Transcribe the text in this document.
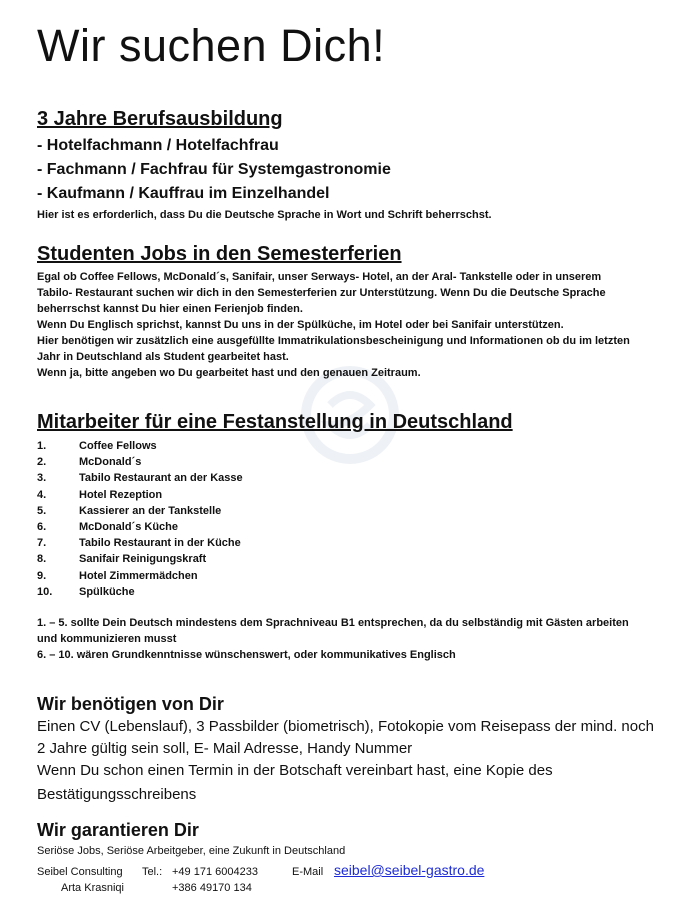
Wir suchen Dich!
3 Jahre Berufsausbildung

- Hotelfachmann / Hotelfachfrau

- Fachmann / Fachfrau für Systemgastronomie

- Kaufmann / Kauffrau im Einzelhandel

Hier ist es erforderlich, dass Du die Deutsche Sprache in Wort und Schrift beherrschst.

Studenten Jobs in den Semesterferien
Egal ob Coffee Fellows, McDonald´s, Sanifair, unser Serways- Hotel, an der Aral- Tankstelle oder in unserem
Tabilo- Restaurant suchen wir dich in den Semesterferien zur Unterstützung. Wenn Du die Deutsche Sprache
beherrschst kannst Du hier einen Ferienjob finden.
Wenn Du Englisch sprichst, kannst Du uns in der Spülküche, im Hotel oder bei Sanifair unterstützen.
Hier benötigen wir zusätzlich eine ausgefüllte Immatrikulationsbescheinigung und Informationen ob du im letzten
Jahr in Deutschland als Student gearbeitet hast.
Wenn ja, bitte angeben wo Du gearbeitet hast und den genauen Zeitraum.
Mitarbeiter für eine Festanstellung in Deutschland
1.	Coffee Fellows
2.	McDonald´s
3.	Tabilo Restaurant an der Kasse
4.	Hotel Rezeption
5.	Kassierer an der Tankstelle
6.	McDonald´s Küche
7.	Tabilo Restaurant in der Küche
8.	Sanifair Reinigungskraft
9.	Hotel Zimmermädchen
10. Spülküche
1. – 5. sollte Dein Deutsch mindestens dem Sprachniveau B1 entsprechen, da du selbständig mit Gästen arbeiten
und kommunizieren musst
6. – 10. wären Grundkenntnisse wünschenswert, oder kommunikatives Englisch
Wir benötigen von Dir
Einen CV (Lebenslauf), 3 Passbilder (biometrisch), Fotokopie vom Reisepass der mind. noch
2 Jahre gültig sein soll, E- Mail Adresse, Handy Nummer
Wenn Du schon einen Termin in der Botschaft vereinbart hast, eine Kopie des
Bestätigungsschreibens
Wir garantieren Dir

Seriöse Jobs, Seriöse Arbeitgeber, eine Zukunft in Deutschland

Seibel Consulting Tel.: +49 171 6004233	E-Mail seibel@seibel-gastro.de

Arta Krasniqi	+386 49170 134
